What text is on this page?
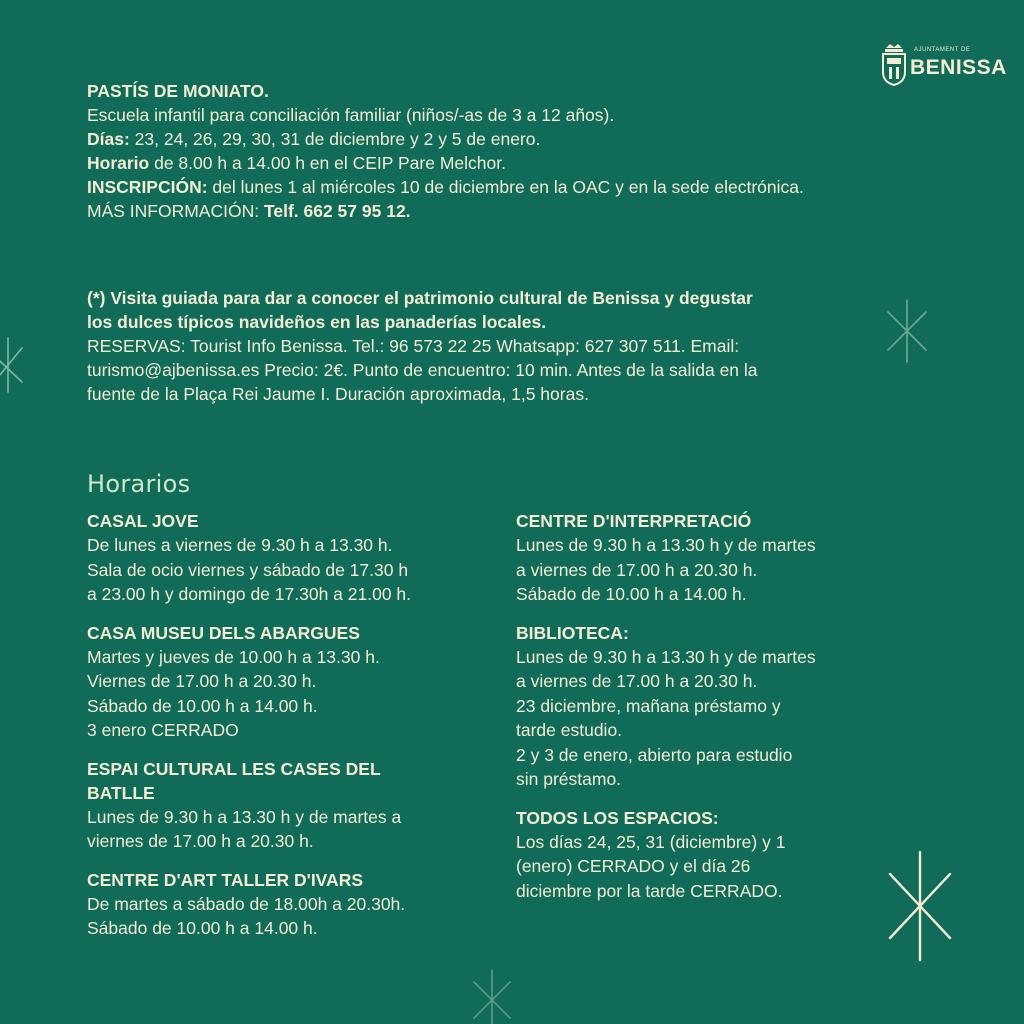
AJUNTAMENT DE
BENISSA

PASTÍS DE MONIATO.

Escuela infantil para conciliación familiar (niños/-as de 3 a 12 años).

Días: 23, 24, 26, 29, 30, 31 de diciembre y 2 y 5 de enero.

Horario de 8.00 h a 14.00 h en el CEIP Pare Melchor.

INSCRIPCIÓN: del lunes 1 al miércoles 10 de diciembre en la OAC y en la sede electrónica.

MÁS INFORMACIÓN: Telf. 662 57 95 12.

(*) Visita guiada para dar a conocer el patrimonio cultural de Benissa y degustar los dulces típicos navideños en las panaderías locales.

RESERVAS: Tourist Info Benissa. Tel.: 96 573 22 25 Whatsapp: 627 307 511. Email: turismo@ajbenissa.es Precio: 2€. Punto de encuentro: 10 min. Antes de la salida en la fuente de la Plaça Rei Jaume I. Duración aproximada, 1,5 horas.

Horarios
CASAL JOVE
De lunes a viernes de 9.30 h a 13.30 h.
Sala de ocio viernes y sábado de 17.30 h
a 23.00 h y domingo de 17.30h a 21.00 h.
CASA MUSEU DELS ABARGUES
Martes y jueves de 10.00 h a 13.30 h.
Viernes de 17.00 h a 20.30 h.
Sábado de 10.00 h a 14.00 h.
3 enero CERRADO
ESPAI CULTURAL LES CASES DEL
BATLLE
Lunes de 9.30 h a 13.30 h y de martes a
viernes de 17.00 h a 20.30 h.
CENTRE D'ART TALLER D'IVARS
De martes a sábado de 18.00h a 20.30h.
Sábado de 10.00 h a 14.00 h.
CENTRE D'INTERPRETACIÓ
Lunes de 9.30 h a 13.30 h y de martes
a viernes de 17.00 h a 20.30 h.
Sábado de 10.00 h a 14.00 h.
BIBLIOTECA:
Lunes de 9.30 h a 13.30 h y de martes
a viernes de 17.00 h a 20.30 h.
23 diciembre, mañana préstamo y
tarde estudio.
2 y 3 de enero, abierto para estudio
sin préstamo.
TODOS LOS ESPACIOS:
Los días 24, 25, 31 (diciembre) y 1
(enero) CERRADO y el día 26
diciembre por la tarde CERRADO.
